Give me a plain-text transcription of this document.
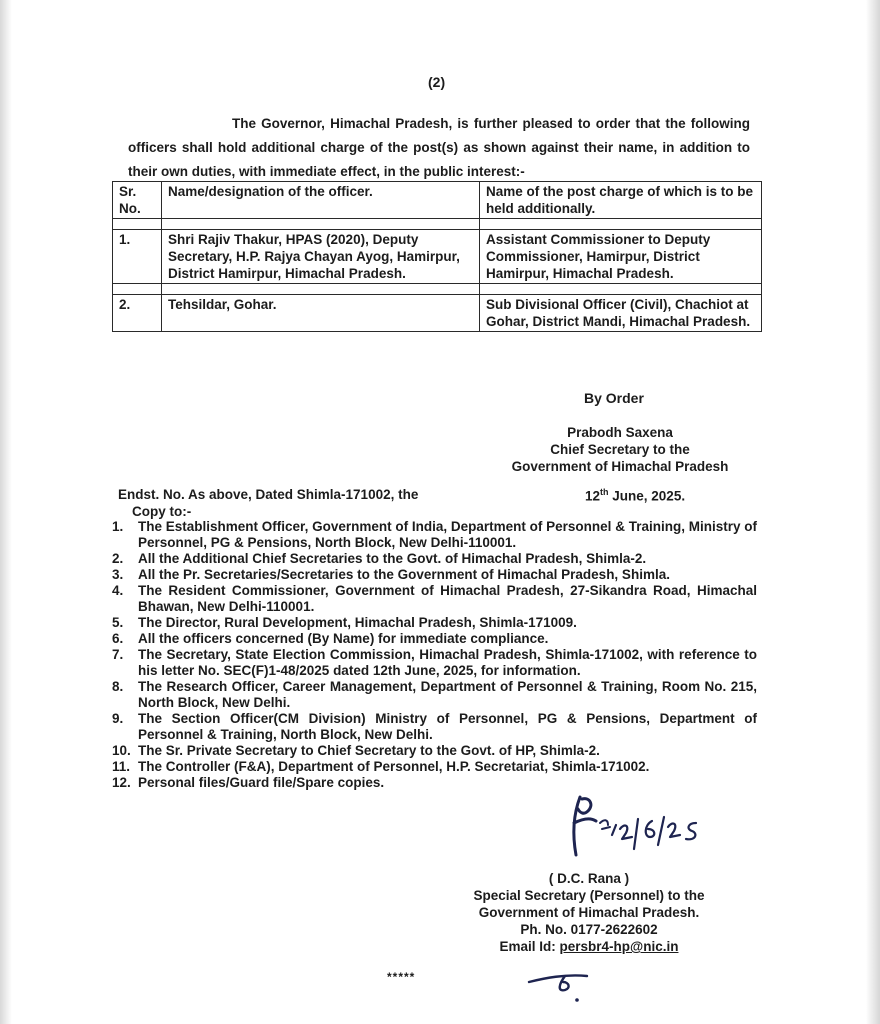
(2)

The Governor, Himachal Pradesh, is further pleased to order that the following officers shall hold additional charge of the post(s) as shown against their name, in addition to their own duties, with immediate effect, in the public interest:-

Sr. No.	Name/designation of the officer.	Name of the post charge of which is to be held additionally.

1.	Shri Rajiv Thakur, HPAS (2020), Deputy Secretary, H.P. Rajya Chayan Ayog, Hamirpur, District Hamirpur, Himachal Pradesh.	Assistant Commissioner to Deputy Commissioner, Hamirpur, District Hamirpur, Himachal Pradesh.

2.	Tehsildar, Gohar.	Sub Divisional Officer (Civil), Chachiot at Gohar, District Mandi, Himachal Pradesh.
By Order
Prabodh Saxena
Chief Secretary to the
Government of Himachal Pradesh
Endst. No. As above, Dated Shimla-171002, the	12th June, 2025.
Copy to:-
1.	The Establishment Officer, Government of India, Department of Personnel & Training, Ministry of Personnel, PG & Pensions, North Block, New Delhi-110001.
2.	All the Additional Chief Secretaries to the Govt. of Himachal Pradesh, Shimla-2.
3.	All the Pr. Secretaries/Secretaries to the Government of Himachal Pradesh, Shimla.
4.	The Resident Commissioner, Government of Himachal Pradesh, 27-Sikandra Road, Himachal Bhawan, New Delhi-110001.
5.	The Director, Rural Development, Himachal Pradesh, Shimla-171009.
6.	All the officers concerned (By Name) for immediate compliance.
7.	The Secretary, State Election Commission, Himachal Pradesh, Shimla-171002, with reference to his letter No. SEC(F)1-48/2025 dated 12th June, 2025, for information.
8.	The Research Officer, Career Management, Department of Personnel & Training, Room No. 215, North Block, New Delhi.
9.	The Section Officer(CM Division) Ministry of Personnel, PG & Pensions, Department of Personnel & Training, North Block, New Delhi.
10. The Sr. Private Secretary to Chief Secretary to the Govt. of HP, Shimla-2.
11. The Controller (F&A), Department of Personnel, H.P. Secretariat, Shimla-171002.
12. Personal files/Guard file/Spare copies.
( D.C. Rana )
Special Secretary (Personnel) to the
Government of Himachal Pradesh.
Ph. No. 0177-2622602
Email Id: persbr4-hp@nic.in
*****
